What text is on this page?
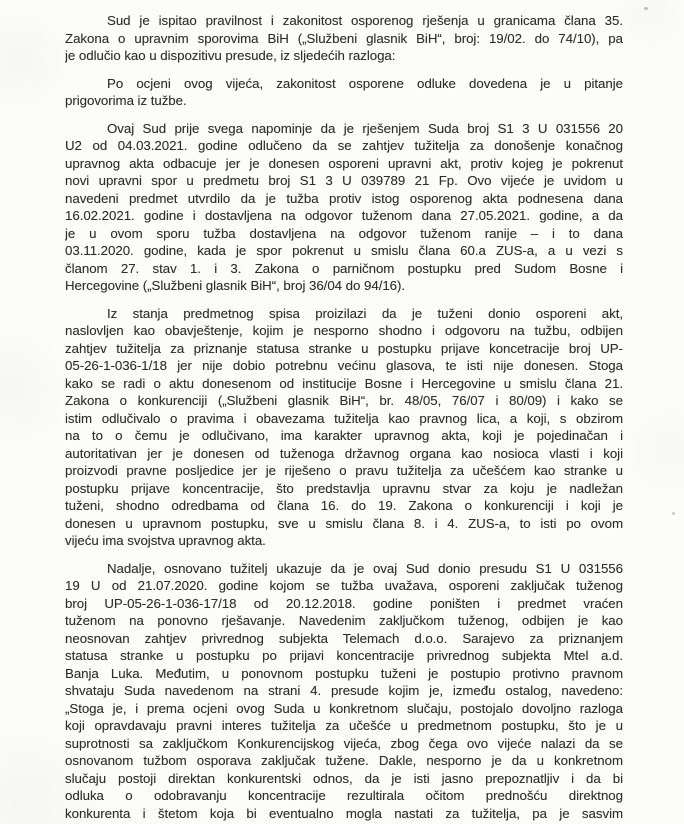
Sud je ispitao pravilnost i zakonitost osporenog rješenja u granicama člana 35.
Zakona o upravnim sporovima BiH („Službeni glasnik BiH“, broj: 19/02. do 74/10), pa
je odlučio kao u dispozitivu presude, iz sljedećih razloga:
Po ocjeni ovog vijeća, zakonitost osporene odluke dovedena je u pitanje
prigovorima iz tužbe.
Ovaj Sud prije svega napominje da je rješenjem Suda broj S1 3 U 031556 20
U2 od 04.03.2021. godine odlučeno da se zahtjev tužitelja za donošenje konačnog
upravnog akta odbacuje jer je donesen osporeni upravni akt, protiv kojeg je pokrenut
novi upravni spor u predmetu broj S1 3 U 039789 21 Fp. Ovo vijeće je uvidom u
navedeni predmet utvrdilo da je tužba protiv istog osporenog akta podnesena dana
16.02.2021. godine i dostavljena na odgovor tuženom dana 27.05.2021. godine, a da
je u ovom sporu tužba dostavljena na odgovor tuženom ranije – i to dana
03.11.2020. godine, kada je spor pokrenut u smislu člana 60.a ZUS-a, a u vezi s
članom 27. stav 1. i 3. Zakona o parničnom postupku pred Sudom Bosne i
Hercegovine („Službeni glasnik BiH“, broj 36/04 do 94/16).
Iz stanja predmetnog spisa proizilazi da je tuženi donio osporeni akt,
naslovljen kao obavještenje, kojim je nesporno shodno i odgovoru na tužbu, odbijen
zahtjev tužitelja za priznanje statusa stranke u postupku prijave koncetracije broj UP-
05-26-1-036-1/18 jer nije dobio potrebnu većinu glasova, te isti nije donesen. Stoga
kako se radi o aktu donesenom od institucije Bosne i Hercegovine u smislu člana 21.
Zakona o konkurenciji („Službeni glasnik BiH“, br. 48/05, 76/07 i 80/09) i kako se
istim odlučivalo o pravima i obavezama tužitelja kao pravnog lica, a koji, s obzirom
na to o čemu je odlučivano, ima karakter upravnog akta, koji je pojedinačan i
autoritativan jer je donesen od tuženoga državnog organa kao nosioca vlasti i koji
proizvodi pravne posljedice jer je riješeno o pravu tužitelja za učešćem kao stranke u
postupku prijave koncentracije, što predstavlja upravnu stvar za koju je nadležan
tuženi, shodno odredbama od člana 16. do 19. Zakona o konkurenciji i koji je
donesen u upravnom postupku, sve u smislu člana 8. i 4. ZUS-a, to isti po ovom
vijeću ima svojstva upravnog akta.
Nadalje, osnovano tužitelj ukazuje da je ovaj Sud donio presudu S1 U 031556
19 U od 21.07.2020. godine kojom se tužba uvažava, osporeni zaključak tuženog
broj UP-05-26-1-036-17/18 od 20.12.2018. godine poništen i predmet vraćen
tuženom na ponovno rješavanje. Navedenim zaključkom tuženog, odbijen je kao
neosnovan zahtjev privrednog subjekta Telemach d.o.o. Sarajevo za priznanjem
statusa stranke u postupku po prijavi koncentracije privrednog subjekta Mtel a.d.
Banja Luka. Međutim, u ponovnom postupku tuženi je postupio protivno pravnom
shvataju Suda navedenom na strani 4. presude kojim je, između ostalog, navedeno:
„Stoga je, i prema ocjeni ovog Suda u konkretnom slučaju, postojalo dovoljno razloga
koji opravdavaju pravni interes tužitelja za učešće u predmetnom postupku, što je u
suprotnosti sa zaključkom Konkurencijskog vijeća, zbog čega ovo vijeće nalazi da se
osnovanom tužbom osporava zaključak tužene. Dakle, nesporno je da u konkretnom
slučaju postoji direktan konkurentski odnos, da je isti jasno prepoznatljiv i da bi
odluka o odobravanju koncentracije rezultirala očitom prednošću direktnog
konkurenta i štetom koja bi eventualno mogla nastati za tužitelja, pa je sasvim
